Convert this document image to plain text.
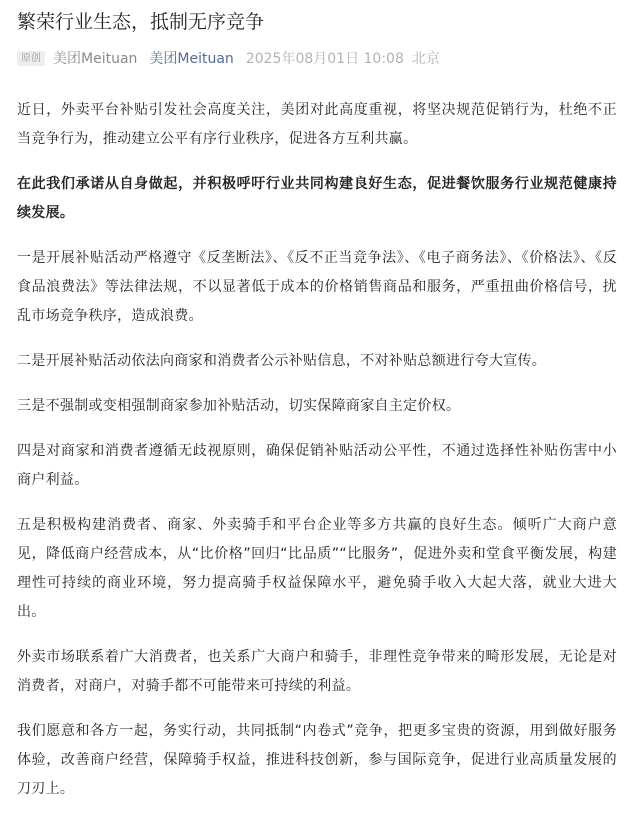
繁荣行业生态，抵制无序竞争
原创 美团Meituan 美团Meituan 2025年08月01日 10:08 北京

近日，外卖平台补贴引发社会高度关注，美团对此高度重视，将坚决规范促销行为，杜绝不正当竞争行为，推动建立公平有序行业秩序，促进各方互利共赢。

在此我们承诺从自身做起，并积极呼吁行业共同构建良好生态，促进餐饮服务行业规范健康持续发展。

一是开展补贴活动严格遵守《反垄断法》、《反不正当竞争法》、《电子商务法》、《价格法》、《反食品浪费法》等法律法规，不以显著低于成本的价格销售商品和服务，严重扭曲价格信号，扰乱市场竞争秩序，造成浪费。

二是开展补贴活动依法向商家和消费者公示补贴信息，不对补贴总额进行夸大宣传。

三是不强制或变相强制商家参加补贴活动，切实保障商家自主定价权。

四是对商家和消费者遵循无歧视原则，确保促销补贴活动公平性，不通过选择性补贴伤害中小商户利益。

五是积极构建消费者、商家、外卖骑手和平台企业等多方共赢的良好生态。倾听广大商户意见，降低商户经营成本，从“比价格”回归“比品质”“比服务”，促进外卖和堂食平衡发展，构建理性可持续的商业环境，努力提高骑手权益保障水平，避免骑手收入大起大落，就业大进大出。

外卖市场联系着广大消费者，也关系广大商户和骑手，非理性竞争带来的畸形发展，无论是对消费者，对商户，对骑手都不可能带来可持续的利益。

我们愿意和各方一起，务实行动，共同抵制“内卷式”竞争，把更多宝贵的资源，用到做好服务体验，改善商户经营，保障骑手权益，推进科技创新，参与国际竞争，促进行业高质量发展的刀刃上。
